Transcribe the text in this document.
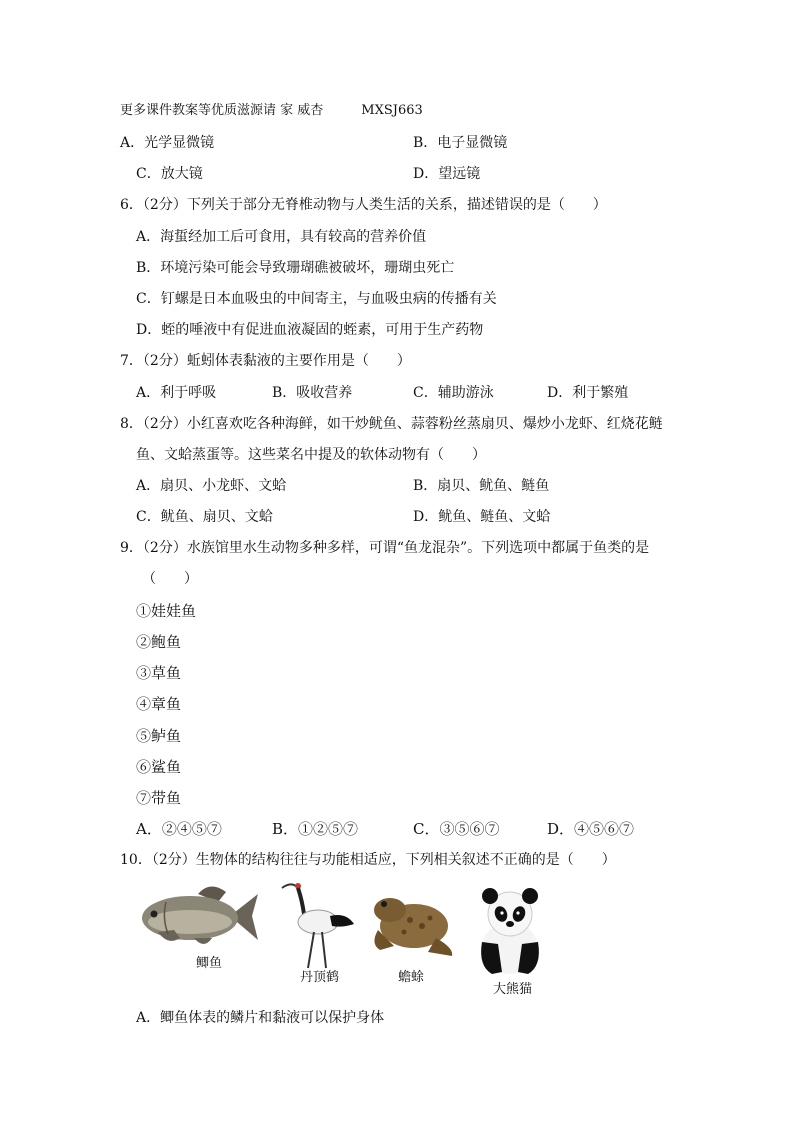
更多课件教案等优质滋源请 家 威杏	MXSJ663
A．光学显微镜	B．电子显微镜
C．放大镜	D．望远镜
6．（2分）下列关于部分无脊椎动物与人类生活的关系，描述错误的是（　　）
A．海蜇经加工后可食用，具有较高的营养价值
B．环境污染可能会导致珊瑚礁被破坏，珊瑚虫死亡
C．钉螺是日本血吸虫的中间寄主，与血吸虫病的传播有关
D．蛭的唾液中有促进血液凝固的蛭素，可用于生产药物
7．（2分）蚯蚓体表黏液的主要作用是（　　）
A．利于呼吸	B．吸收营养	C．辅助游泳	D．利于繁殖
8．（2分）小红喜欢吃各种海鲜，如干炒鱿鱼、蒜蓉粉丝蒸扇贝、爆炒小龙虾、红烧花鲢
鱼、文蛤蒸蛋等。这些菜名中提及的软体动物有（　　）
A．扇贝、小龙虾、文蛤	B．扇贝、鱿鱼、鲢鱼
C．鱿鱼、扇贝、文蛤	D．鱿鱼、鲢鱼、文蛤
9．（2分）水族馆里水生动物多种多样，可谓“鱼龙混杂”。下列选项中都属于鱼类的是
（　　）
①娃娃鱼
②鲍鱼
③草鱼
④章鱼
⑤鲈鱼
⑥鲨鱼
⑦带鱼
A．②④⑤⑦	B．①②⑤⑦	C．③⑤⑥⑦	D．④⑤⑥⑦
10．（2分）生物体的结构往往与功能相适应，下列相关叙述不正确的是（　　）
鲫鱼
丹顶鹤	蟾蜍
大熊猫
A．鲫鱼体表的鳞片和黏液可以保护身体
